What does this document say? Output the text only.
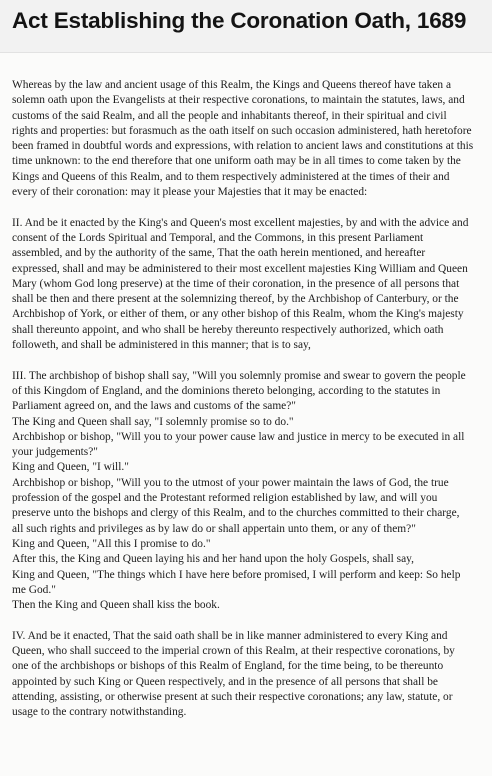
Act Establishing the Coronation Oath, 1689
Whereas by the law and ancient usage of this Realm, the Kings and Queens thereof have taken a
solemn oath upon the Evangelists at their respective coronations, to maintain the statutes, laws, and
customs of the said Realm, and all the people and inhabitants thereof, in their spiritual and civil
rights and properties: but forasmuch as the oath itself on such occasion administered, hath heretofore
been framed in doubtful words and expressions, with relation to ancient laws and constitutions at this
time unknown: to the end therefore that one uniform oath may be in all times to come taken by the
Kings and Queens of this Realm, and to them respectively administered at the times of their and
every of their coronation: may it please your Majesties that it may be enacted:
II. And be it enacted by the King's and Queen's most excellent majesties, by and with the advice and
consent of the Lords Spiritual and Temporal, and the Commons, in this present Parliament
assembled, and by the authority of the same, That the oath herein mentioned, and hereafter
expressed, shall and may be administered to their most excellent majesties King William and Queen
Mary (whom God long preserve) at the time of their coronation, in the presence of all persons that
shall be then and there present at the solemnizing thereof, by the Archbishop of Canterbury, or the
Archbishop of York, or either of them, or any other bishop of this Realm, whom the King's majesty
shall thereunto appoint, and who shall be hereby thereunto respectively authorized, which oath
followeth, and shall be administered in this manner; that is to say,
III. The archbishop of bishop shall say, "Will you solemnly promise and swear to govern the people
of this Kingdom of England, and the dominions thereto belonging, according to the statutes in
Parliament agreed on, and the laws and customs of the same?"
The King and Queen shall say, "I solemnly promise so to do."
Archbishop or bishop, "Will you to your power cause law and justice in mercy to be executed in all
your judgements?"
King and Queen, "I will."
Archbishop or bishop, "Will you to the utmost of your power maintain the laws of God, the true
profession of the gospel and the Protestant reformed religion established by law, and will you
preserve unto the bishops and clergy of this Realm, and to the churches committed to their charge,
all such rights and privileges as by law do or shall appertain unto them, or any of them?"
King and Queen, "All this I promise to do."
After this, the King and Queen laying his and her hand upon the holy Gospels, shall say,
King and Queen, "The things which I have here before promised, I will perform and keep: So help
me God."
Then the King and Queen shall kiss the book.
IV. And be it enacted, That the said oath shall be in like manner administered to every King and
Queen, who shall succeed to the imperial crown of this Realm, at their respective coronations, by
one of the archbishops or bishops of this Realm of England, for the time being, to be thereunto
appointed by such King or Queen respectively, and in the presence of all persons that shall be
attending, assisting, or otherwise present at such their respective coronations; any law, statute, or
usage to the contrary notwithstanding.
